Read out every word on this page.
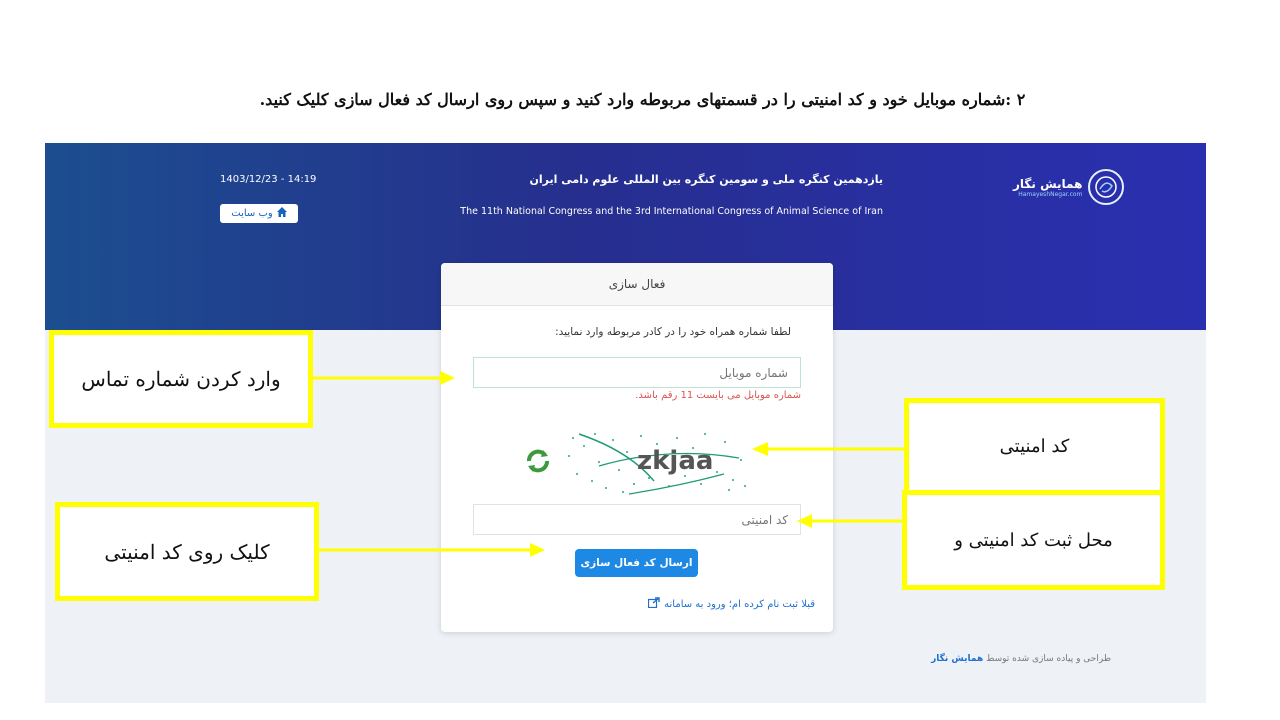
۲ :شماره موبایل خود و کد امنیتی را در قسمتهای مربوطه وارد کنید و سپس روی ارسال کد فعال سازی کلیک کنید.
همایش نگار
HamayeshNegar.com
یازدهمین کنگره ملی و سومین کنگره بین المللی علوم دامی ایران
The 11th National Congress and the 3rd International Congress of Animal Science of Iran
1403/12/23 - 14:19
وب سایت
فعال سازی
لطفا شماره همراه خود را در کادر مربوطه وارد نمایید:
شماره موبایل
شماره موبایل می بایست 11 رقم باشد.
zkjaa
کد امنیتی
ارسال کد فعال سازی
قبلا ثبت نام کرده ام؛ ورود به سامانه
طراحی و پیاده سازی شده توسط همایش نگار
وارد کردن شماره تماس
کد امنیتی
محل ثبت کد امنیتی و
کلیک روی کد امنیتی
